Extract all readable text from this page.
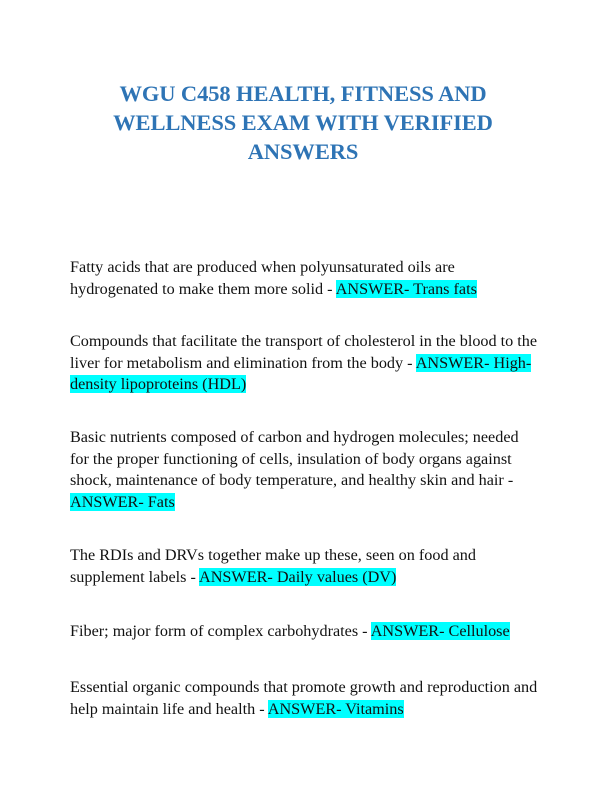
WGU C458 HEALTH, FITNESS AND WELLNESS EXAM WITH VERIFIED ANSWERS

Fatty acids that are produced when polyunsaturated oils are hydrogenated to make them more solid - ANSWER- Trans fats

Compounds that facilitate the transport of cholesterol in the blood to the liver for metabolism and elimination from the body - ANSWER- High-density lipoproteins (HDL)

Basic nutrients composed of carbon and hydrogen molecules; needed for the proper functioning of cells, insulation of body organs against shock, maintenance of body temperature, and healthy skin and hair - ANSWER- Fats

The RDIs and DRVs together make up these, seen on food and supplement labels - ANSWER- Daily values (DV)

Fiber; major form of complex carbohydrates - ANSWER- Cellulose

Essential organic compounds that promote growth and reproduction and help maintain life and health - ANSWER- Vitamins
